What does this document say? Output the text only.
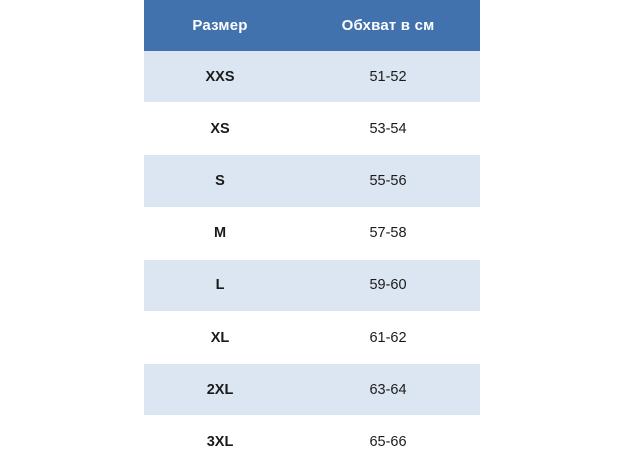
Размер	Обхват в см
XXS	51-52
XS	53-54
S	55-56
M	57-58
L	59-60
XL	61-62
2XL	63-64
3XL	65-66
